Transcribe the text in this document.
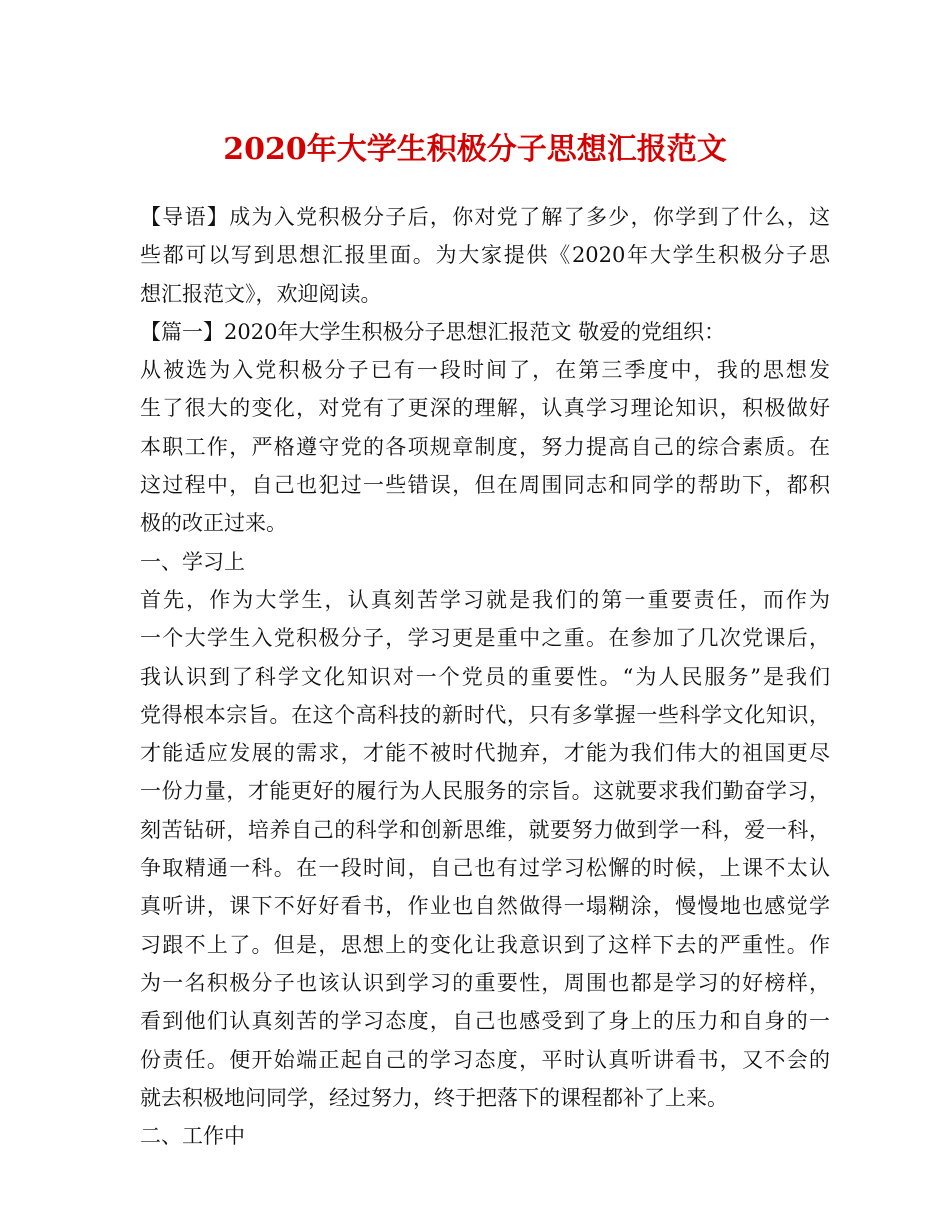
2020年大学生积极分子思想汇报范文
【导语】成为入党积极分子后，你对党了解了多少，你学到了什么，这
些都可以写到思想汇报里面。为大家提供《2020年大学生积极分子思
想汇报范文》，欢迎阅读。
【篇一】2020年大学生积极分子思想汇报范文 敬爱的党组织：
从被选为入党积极分子已有一段时间了，在第三季度中，我的思想发
生了很大的变化，对党有了更深的理解，认真学习理论知识，积极做好
本职工作，严格遵守党的各项规章制度，努力提高自己的综合素质。在
这过程中，自己也犯过一些错误，但在周围同志和同学的帮助下，都积
极的改正过来。
一、学习上
首先，作为大学生，认真刻苦学习就是我们的第一重要责任，而作为
一个大学生入党积极分子，学习更是重中之重。在参加了几次党课后，
我认识到了科学文化知识对一个党员的重要性。“为人民服务”是我们
党得根本宗旨。在这个高科技的新时代，只有多掌握一些科学文化知识，
才能适应发展的需求，才能不被时代抛弃，才能为我们伟大的祖国更尽
一份力量，才能更好的履行为人民服务的宗旨。这就要求我们勤奋学习，
刻苦钻研，培养自己的科学和创新思维，就要努力做到学一科，爱一科，
争取精通一科。在一段时间，自己也有过学习松懈的时候，上课不太认
真听讲，课下不好好看书，作业也自然做得一塌糊涂，慢慢地也感觉学
习跟不上了。但是，思想上的变化让我意识到了这样下去的严重性。作
为一名积极分子也该认识到学习的重要性，周围也都是学习的好榜样，
看到他们认真刻苦的学习态度，自己也感受到了身上的压力和自身的一
份责任。便开始端正起自己的学习态度，平时认真听讲看书，又不会的
就去积极地问同学，经过努力，终于把落下的课程都补了上来。
二、工作中
